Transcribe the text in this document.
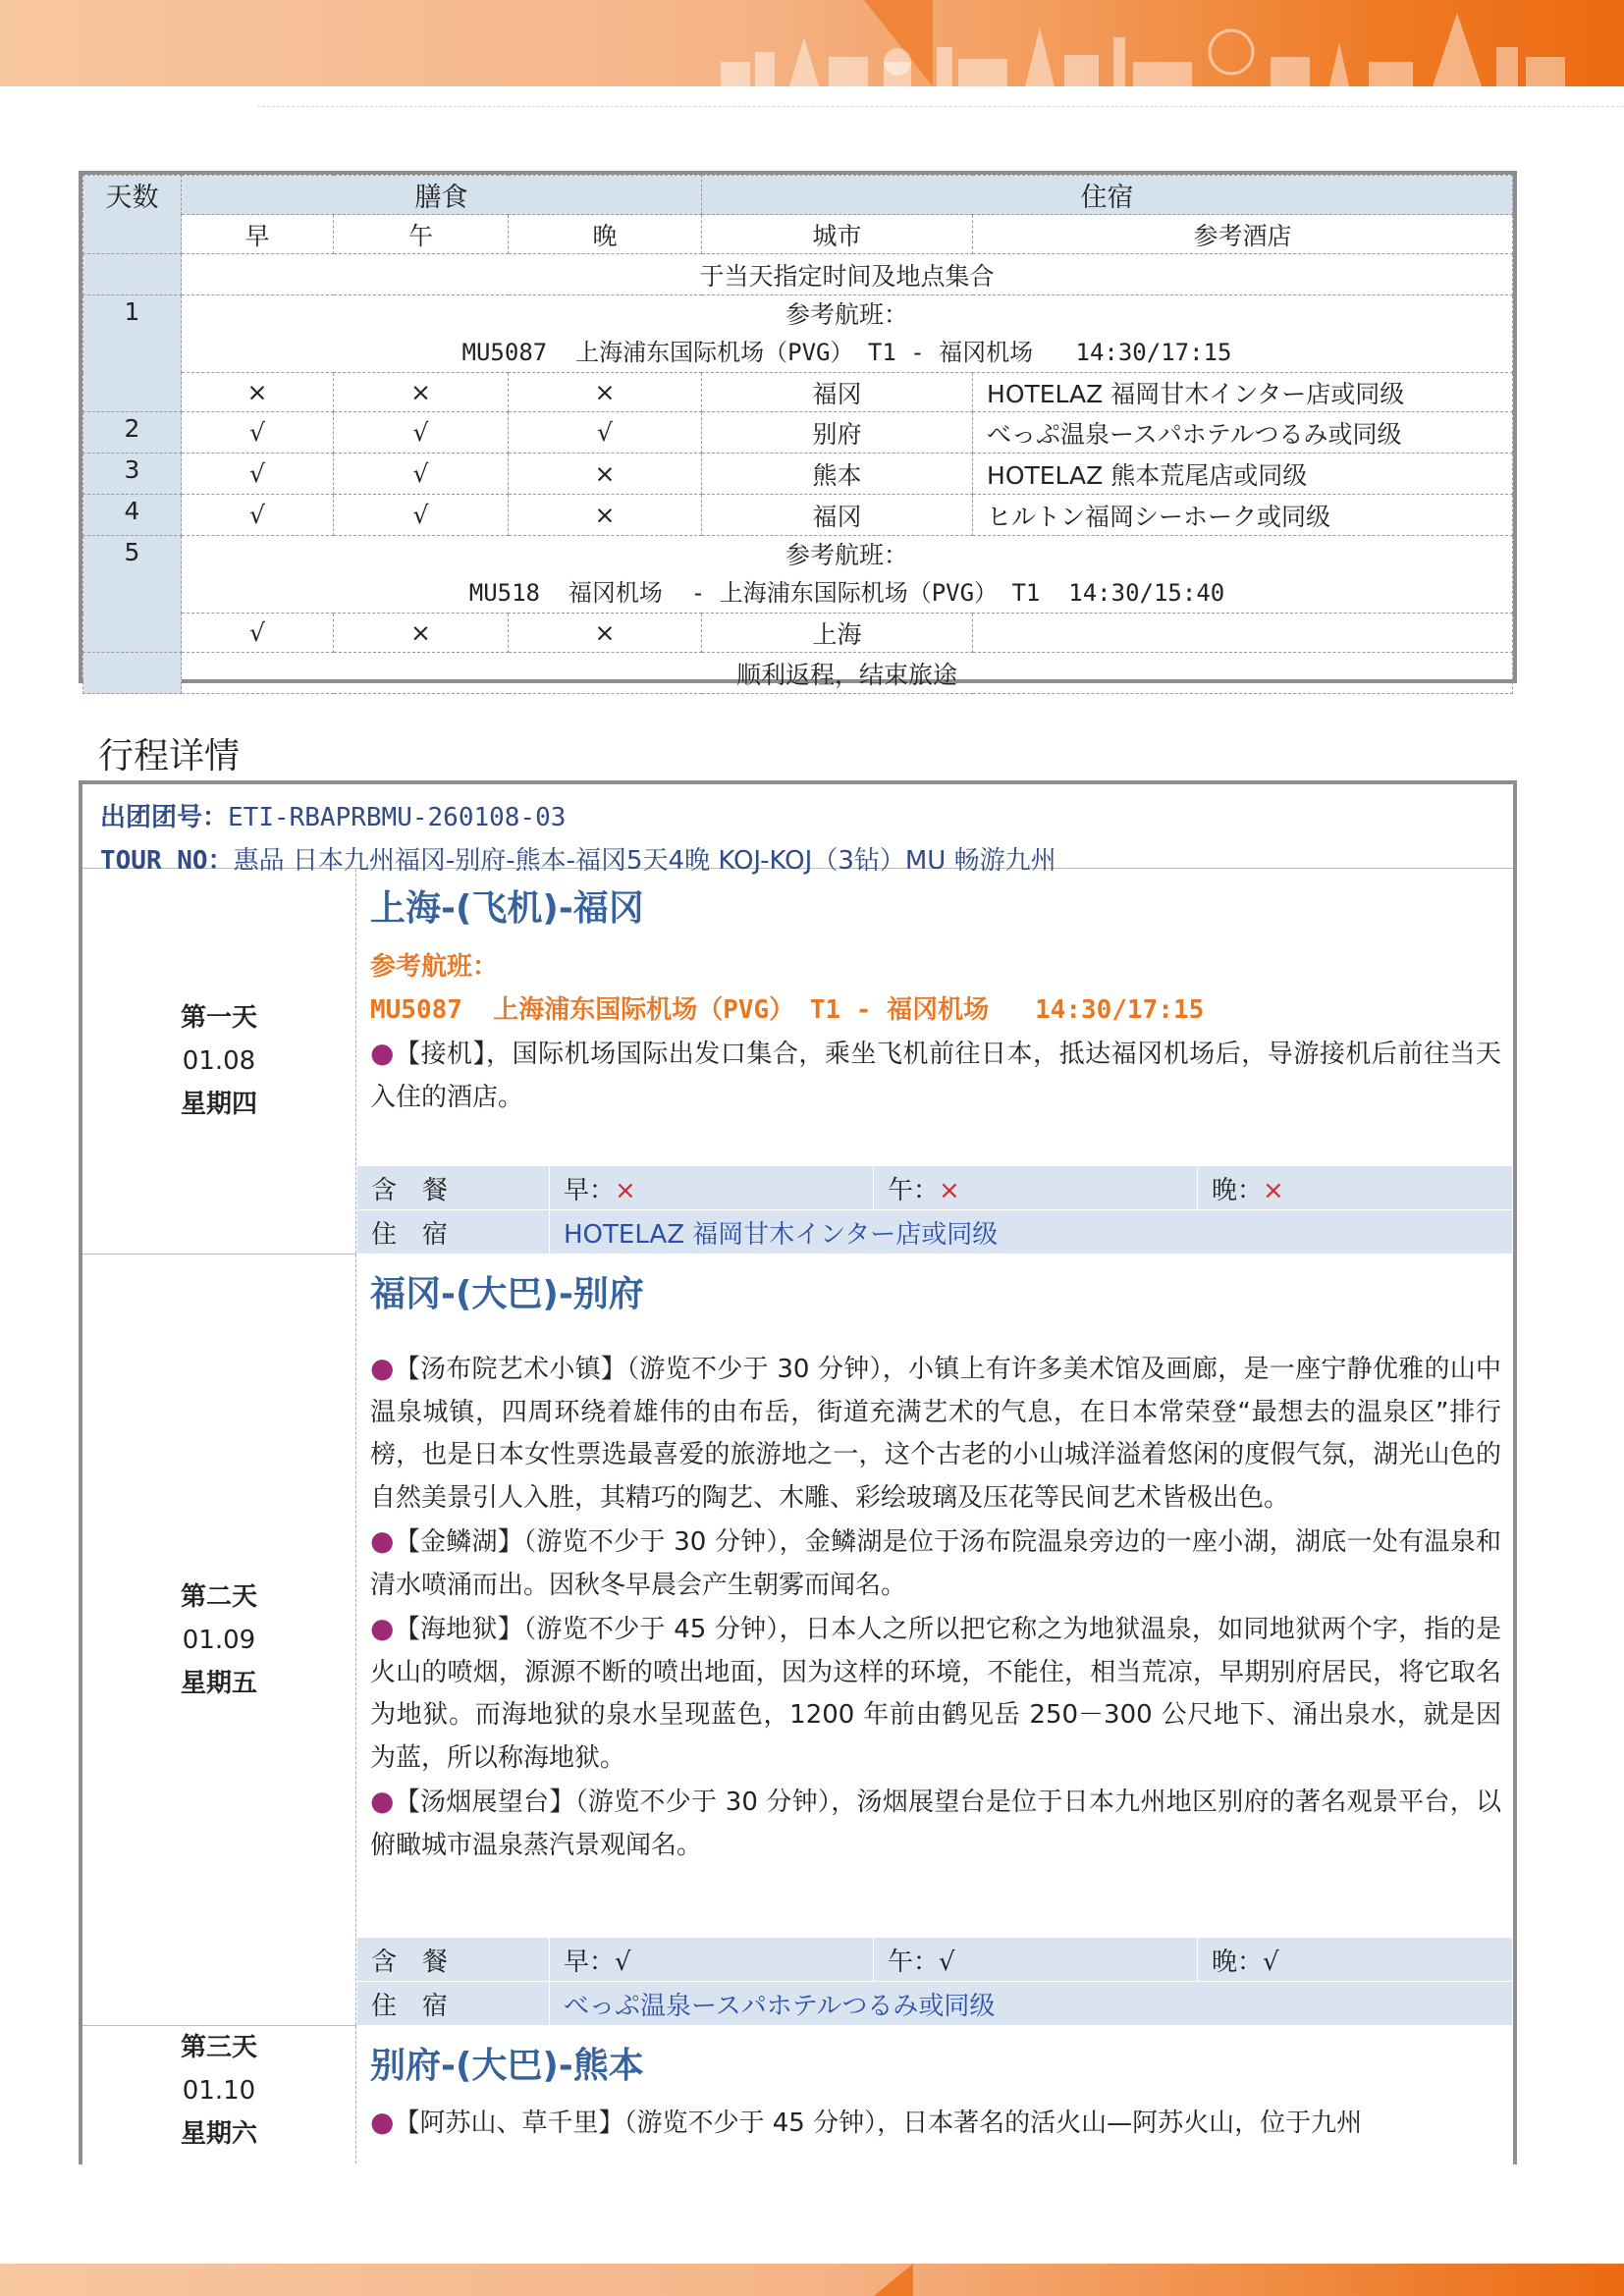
天数	膳食			住宿	
	早	午	晚	城市	参考酒店
	于当天指定时间及地点集合				
1	参考航班：
MU5087  上海浦东国际机场（PVG） T1 - 福冈机场   14:30/17:15				

	×	×	×	福冈	HOTELAZ 福岡甘木インター店或同级
2	√	√	√	别府	べっぷ温泉ースパホテルつるみ或同级
3	√	√	×	熊本	HOTELAZ 熊本荒尾店或同级
4	√	√	×	福冈	ヒルトン福岡シーホーク或同级
5	参考航班：
MU518  福冈机场  - 上海浦东国际机场（PVG） T1  14:30/15:40				

	√	×	×	上海	
	顺利返程，结束旅途				
行程详情
出团团号：ETI-RBAPRBMU-260108-03
TOUR NO：惠品 日本九州福冈-别府-熊本-福冈5天4晚 KOJ-KOJ（3钻）MU 畅游九州
第一天
01.08
星期四
上海-(飞机)-福冈
参考航班：
MU5087  上海浦东国际机场（PVG） T1 - 福冈机场   14:30/17:15
●【接机】，国际机场国际出发口集合，乘坐飞机前往日本，抵达福冈机场后，导游接机后前往当天入住的酒店。
含　餐	早：×	午：×	晚：×
住　宿	HOTELAZ 福岡甘木インター店或同级		
第二天
01.09
星期五
福冈-(大巴)-别府
●【汤布院艺术小镇】（游览不少于 30 分钟），小镇上有许多美术馆及画廊，是一座宁静优雅的山中温泉城镇，四周环绕着雄伟的由布岳，街道充满艺术的气息，在日本常荣登“最想去的温泉区”排行榜，也是日本女性票选最喜爱的旅游地之一，这个古老的小山城洋溢着悠闲的度假气氛，湖光山色的自然美景引人入胜，其精巧的陶艺、木雕、彩绘玻璃及压花等民间艺术皆极出色。
●【金鳞湖】（游览不少于 30 分钟），金鳞湖是位于汤布院温泉旁边的一座小湖，湖底一处有温泉和清水喷涌而出。因秋冬早晨会产生朝雾而闻名。
●【海地狱】（游览不少于 45 分钟），日本人之所以把它称之为地狱温泉，如同地狱两个字，指的是火山的喷烟，源源不断的喷出地面，因为这样的环境，不能住，相当荒凉，早期别府居民，将它取名为地狱。而海地狱的泉水呈现蓝色，1200 年前由鹤见岳 250－300 公尺地下、涌出泉水，就是因为蓝，所以称海地狱。
●【汤烟展望台】（游览不少于 30 分钟），汤烟展望台是位于日本九州地区别府的著名观景平台，以俯瞰城市温泉蒸汽景观闻名。
含　餐	早：√	午：√	晚：√
住　宿	べっぷ温泉ースパホテルつるみ或同级		
第三天
01.10
星期六
别府-(大巴)-熊本
●【阿苏山、草千里】（游览不少于 45 分钟），日本著名的活火山—阿苏火山，位于九州
